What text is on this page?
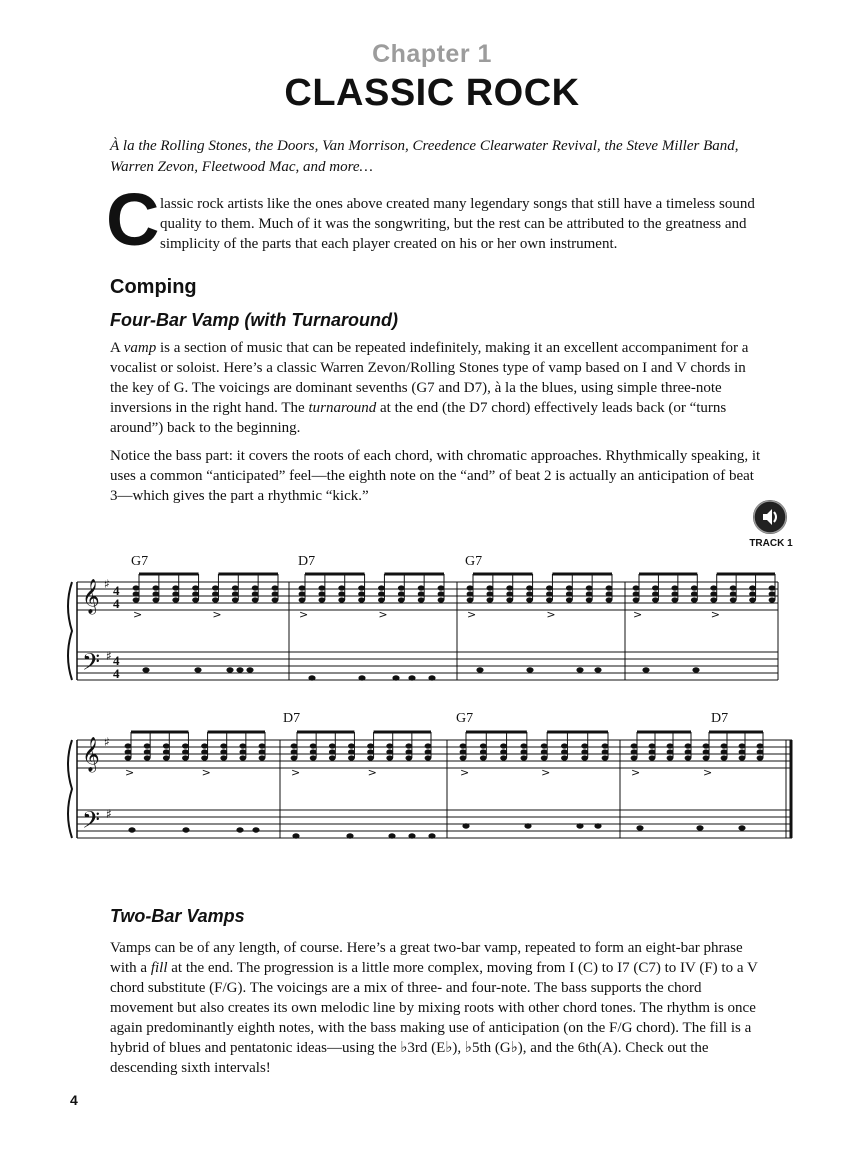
Chapter 1
CLASSIC ROCK
À la the Rolling Stones, the Doors, Van Morrison, Creedence Clearwater Revival, the Steve Miller Band, Warren Zevon, Fleetwood Mac, and more…
C lassic rock artists like the ones above created many legendary songs that still have a timeless sound quality to them. Much of it was the songwriting, but the rest can be attributed to the greatness and simplicity of the parts that each player created on his or her own instrument.
Comping
Four-Bar Vamp (with Turnaround)
A vamp is a section of music that can be repeated indefinitely, making it an excellent accompaniment for a vocalist or soloist. Here’s a classic Warren Zevon/Rolling Stones type of vamp based on I and V chords in the key of G. The voicings are dominant sevenths (G7 and D7), à la the blues, using simple three-note inversions in the right hand. The turnaround at the end (the D7 chord) effectively leads back (or “turns around”) back to the beginning.
Notice the bass part: it covers the roots of each chord, with chromatic approaches. Rhythmically speaking, it uses a common “anticipated” feel—the eighth note on the “and” of beat 2 is actually an anticipation of beat 3—which gives the part a rhythmic “kick.”
TRACK 1
𝄞
𝄢
𝄞
𝄢
♯
♯
♯
♯
4
4
4
4
G7	D7	G7
D7	G7	D7
>	>	>	>	>	>	>	>
>	>	>	>	>	>	>	>
Two-Bar Vamps
Vamps can be of any length, of course. Here’s a great two-bar vamp, repeated to form an eight-bar phrase with a fill at the end. The progression is a little more complex, moving from I (C) to I7 (C7) to IV (F) to a V chord substitute (F/G). The voicings are a mix of three- and four-note. The bass supports the chord movement but also creates its own melodic line by mixing roots with other chord tones. The rhythm is once again predominantly eighth notes, with the bass making use of anticipation (on the F/G chord). The fill is a hybrid of blues and pentatonic ideas—using the ♭3rd (E♭), ♭5th (G♭), and the 6th(A). Check out the descending sixth intervals!
4
